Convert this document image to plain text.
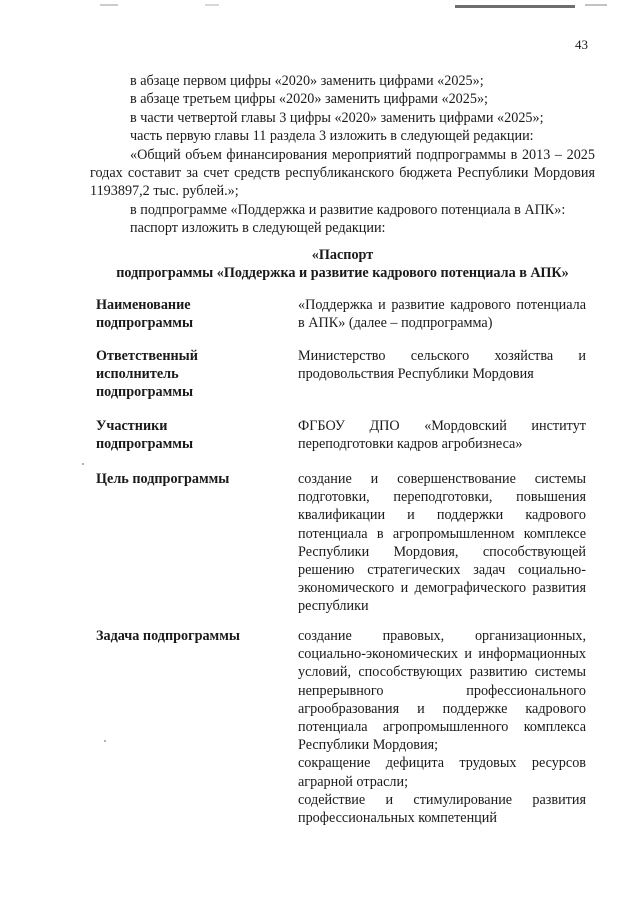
43

в абзаце первом цифры «2020» заменить цифрами «2025»;

в абзаце третьем цифры «2020» заменить цифрами «2025»;

в части четвертой главы 3 цифры «2020» заменить цифрами «2025»;

часть первую главы 11 раздела 3 изложить в следующей редакции:

«Общий объем финансирования мероприятий подпрограммы в 2013 – 2025 годах составит за счет средств республиканского бюджета Республики Мордовия 1193897,2 тыс. рублей.»;

в подпрограмме «Поддержка и развитие кадрового потенциала в АПК»:

паспорт изложить в следующей редакции:

«Паспорт
подпрограммы «Поддержка и развитие кадрового потенциала в АПК»
Наименование подпрограммы

«Поддержка и развитие кадрового потенциала в АПК» (далее – подпрограмма)

Ответственный исполнитель подпрограммы

Министерство сельского хозяйства и продовольствия Республики Мордовия

Участники подпрограммы

ФГБОУ ДПО «Мордовский институт переподготовки кадров агробизнеса»

Цель подпрограммы	создание и совершенствование системы подготовки, переподготовки, повышения квалификации и поддержки кадрового потенциала в агропромышленном комплексе Республики Мордовия, способствующей решению стратегических задач социально-экономического и демографического развития республики

Задача подпрограммы	создание правовых, организационных, социально-экономических и информационных условий, способствующих развитию системы непрерывного профессионального агрообразования и поддержке кадрового потенциала агропромышленного комплекса Республики Мордовия;

сокращение дефицита трудовых ресурсов аграрной отрасли;

содействие и стимулирование развития профессиональных компетенций
